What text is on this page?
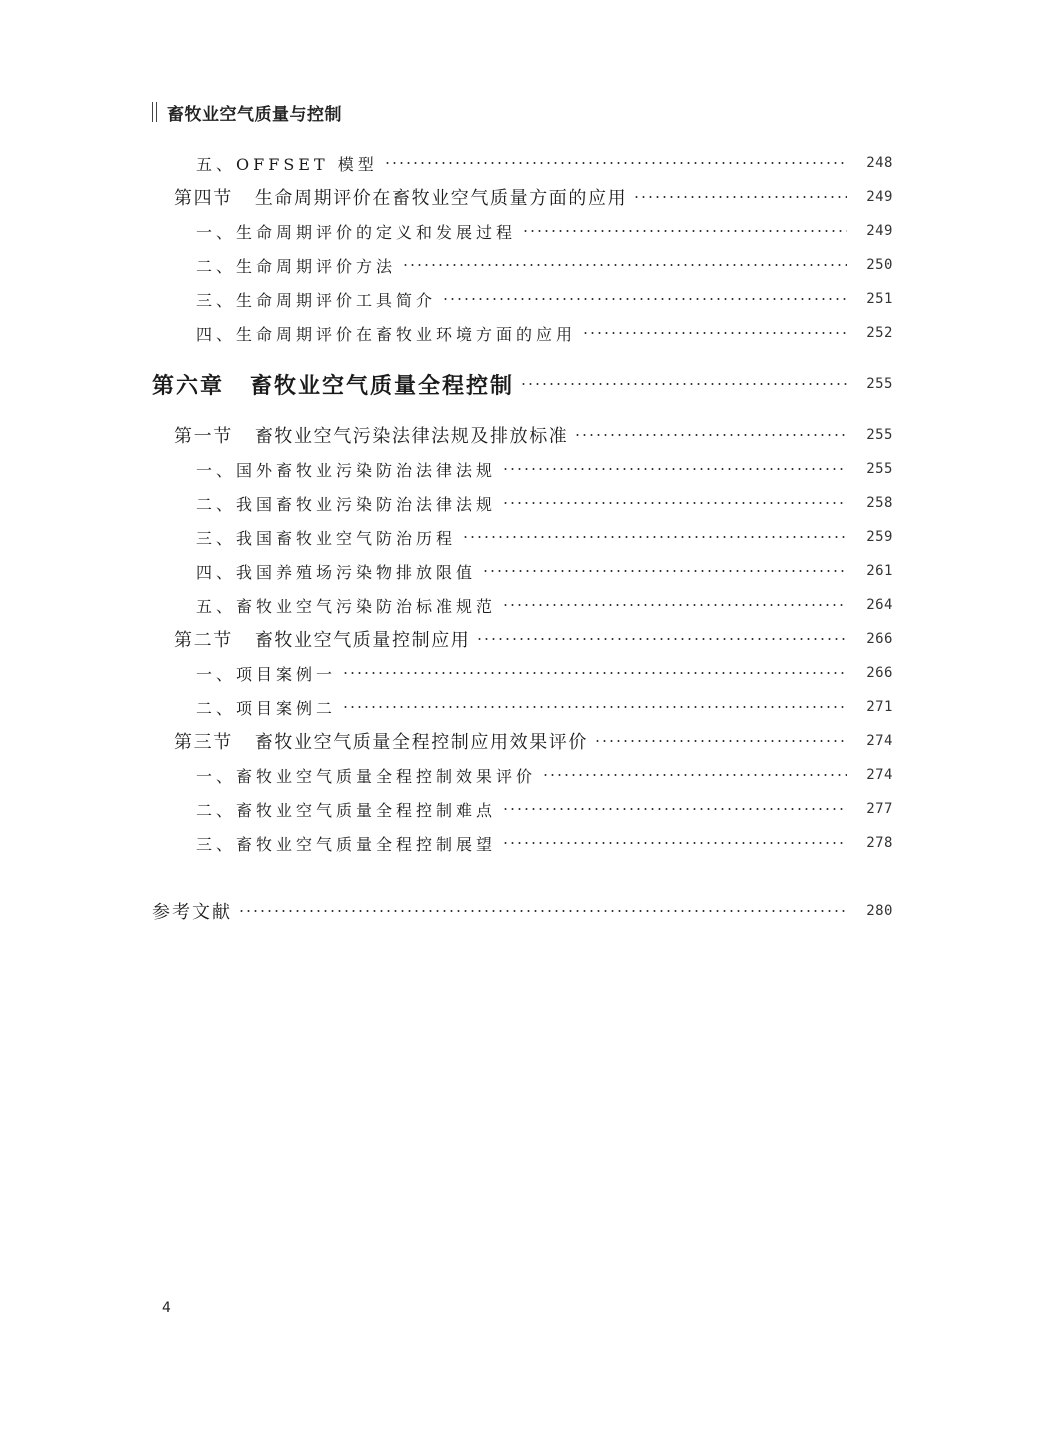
畜牧业空气质量与控制
五、OFFSET 模型	248
第四节 生命周期评价在畜牧业空气质量方面的应用	249
一、生命周期评价的定义和发展过程	249
二、生命周期评价方法	250
三、生命周期评价工具简介	251
四、生命周期评价在畜牧业环境方面的应用	252
第六章 畜牧业空气质量全程控制	255
第一节 畜牧业空气污染法律法规及排放标准	255
一、国外畜牧业污染防治法律法规	255
二、我国畜牧业污染防治法律法规	258
三、我国畜牧业空气防治历程	259
四、我国养殖场污染物排放限值	261
五、畜牧业空气污染防治标准规范	264
第二节 畜牧业空气质量控制应用	266
一、项目案例一	266
二、项目案例二	271
第三节 畜牧业空气质量全程控制应用效果评价	274
一、畜牧业空气质量全程控制效果评价	274
二、畜牧业空气质量全程控制难点	277
三、畜牧业空气质量全程控制展望	278
参考文献	280
4
